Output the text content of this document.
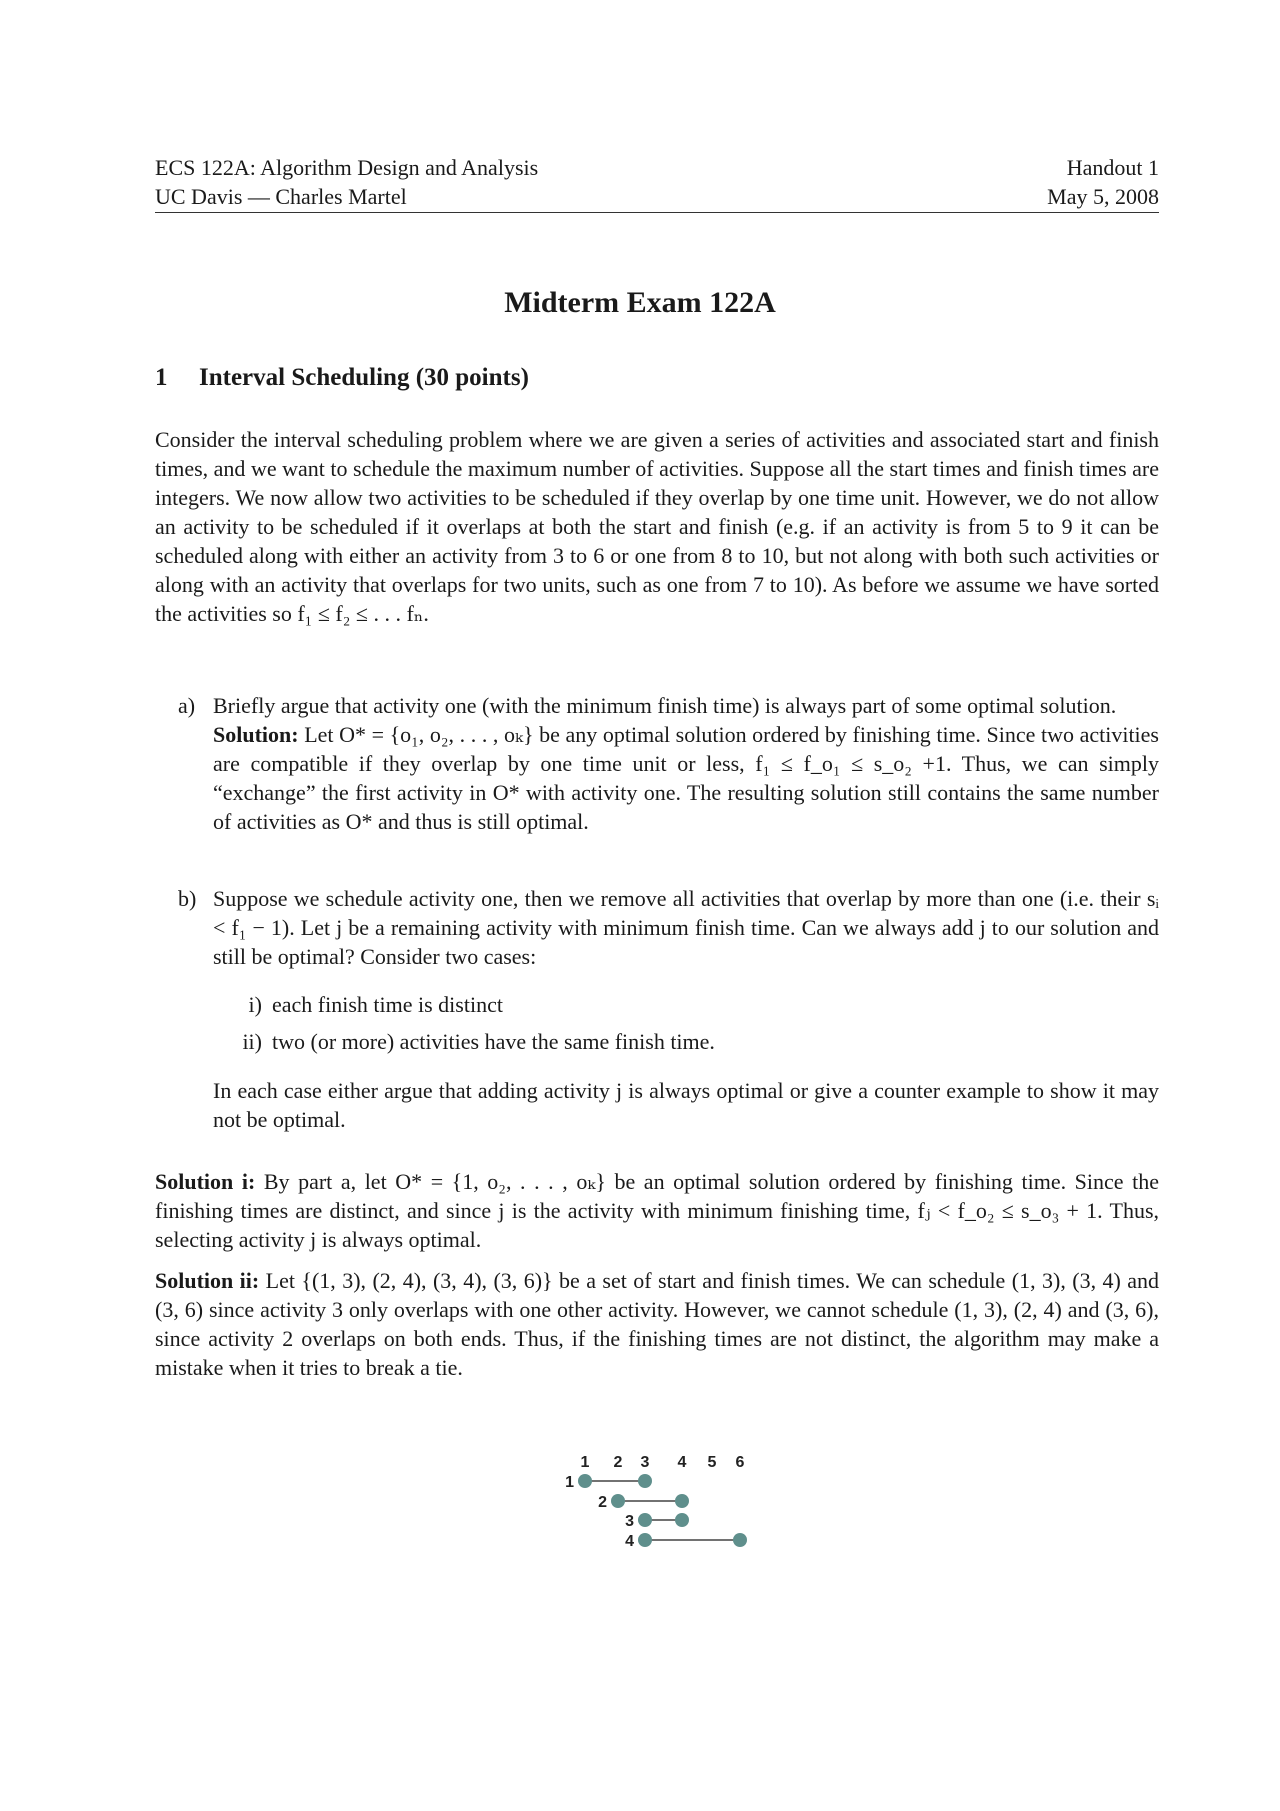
ECS 122A: Algorithm Design and Analysis
UC Davis — Charles Martel
Handout 1
May 5, 2008
Midterm Exam 122A
1 Interval Scheduling (30 points)
Consider the interval scheduling problem where we are given a series of activities and associated start and finish times, and we want to schedule the maximum number of activities. Suppose all the start times and finish times are integers. We now allow two activities to be scheduled if they overlap by one time unit. However, we do not allow an activity to be scheduled if it overlaps at both the start and finish (e.g. if an activity is from 5 to 9 it can be scheduled along with either an activity from 3 to 6 or one from 8 to 10, but not along with both such activities or along with an activity that overlaps for two units, such as one from 7 to 10). As before we assume we have sorted the activities so f₁ ≤ f₂ ≤ . . . fₙ.
a) Briefly argue that activity one (with the minimum finish time) is always part of some optimal solution.
Solution: Let O* = {o₁, o₂, . . . , oₖ} be any optimal solution ordered by finishing time. Since two activities are compatible if they overlap by one time unit or less, f₁ ≤ f_o₁ ≤ s_o₂ +1. Thus, we can simply “exchange” the first activity in O* with activity one. The resulting solution still contains the same number of activities as O* and thus is still optimal.
b) Suppose we schedule activity one, then we remove all activities that overlap by more than one (i.e. their sᵢ < f₁ − 1). Let j be a remaining activity with minimum finish time. Can we always add j to our solution and still be optimal? Consider two cases:
i) each finish time is distinct
ii) two (or more) activities have the same finish time.
In each case either argue that adding activity j is always optimal or give a counter example to show it may not be optimal.
Solution i: By part a, let O* = {1, o₂, . . . , oₖ} be an optimal solution ordered by finishing time. Since the finishing times are distinct, and since j is the activity with minimum finishing time, fⱼ < f_o₂ ≤ s_o₃ + 1. Thus, selecting activity j is always optimal.
Solution ii: Let {(1, 3), (2, 4), (3, 4), (3, 6)} be a set of start and finish times. We can schedule (1, 3), (3, 4) and (3, 6) since activity 3 only overlaps with one other activity. However, we cannot schedule (1, 3), (2, 4) and (3, 6), since activity 2 overlaps on both ends. Thus, if the finishing times are not distinct, the algorithm may make a mistake when it tries to break a tie.
1 2 3 4 5 6
1
2
3
4
